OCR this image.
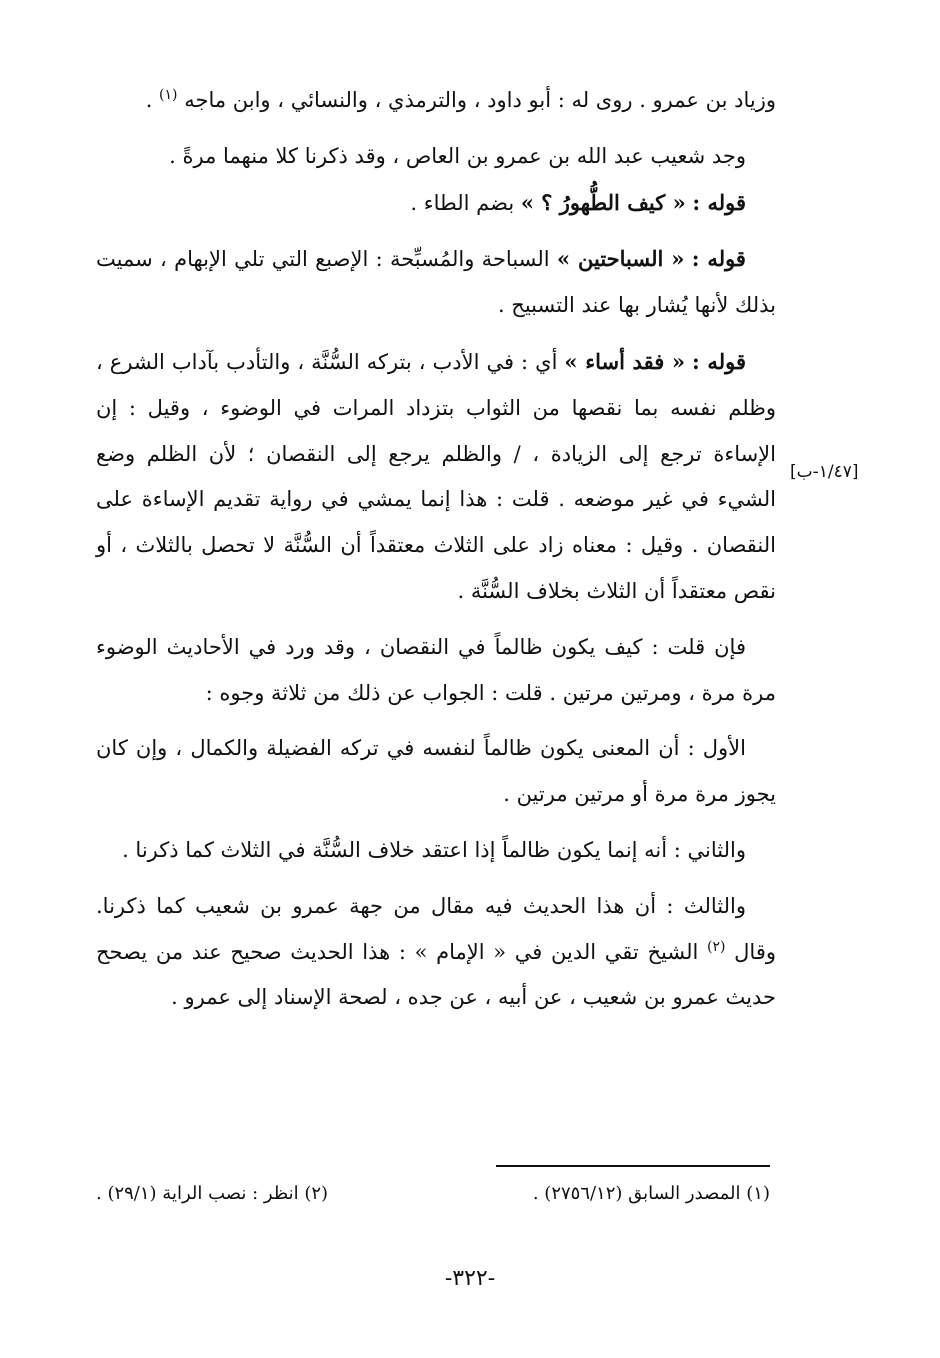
وزياد بن عمرو . روى له : أبو داود ، والترمذي ، والنسائي ، وابن ماجه $^{(١)}$ .

وجد شعيب عبد الله بن عمرو بن العاص ، وقد ذكرنا كلا منهما مرةً .

قوله : « كيف الطُّهورُ ؟ » بضم الطاء .

قوله : « السباحتين » السباحة والمُسبِّحة : الإصبع التي تلي الإبهام ، سميت بذلك لأنها يُشار بها عند التسبيح .

قوله : « فقد أساء » أي : في الأدب ، بتركه السُّنَّة ، والتأدب بآداب الشرع ، وظلم نفسه بما نقصها من الثواب بتزداد المرات في الوضوء ، وقيل : إن الإساءة ترجع إلى الزيادة ، / والظلم يرجع إلى النقصان ؛ لأن الظلم وضع الشيء في غير موضعه . قلت : هذا إنما يمشي في رواية تقديم الإساءة على النقصان . وقيل : معناه زاد على الثلاث معتقداً أن السُّنَّة لا تحصل بالثلاث ، أو نقص معتقداً أن الثلاث بخلاف السُّنَّة .

فإن قلت : كيف يكون ظالماً في النقصان ، وقد ورد في الأحاديث الوضوء مرة مرة ، ومرتين مرتين . قلت : الجواب عن ذلك من ثلاثة وجوه :

الأول : أن المعنى يكون ظالماً لنفسه في تركه الفضيلة والكمال ، وإن كان يجوز مرة مرة أو مرتين مرتين .

والثاني : أنه إنما يكون ظالماً إذا اعتقد خلاف السُّنَّة في الثلاث كما ذكرنا .

والثالث : أن هذا الحديث فيه مقال من جهة عمرو بن شعيب كما ذكرنا. وقال $^{(٢)}$ الشيخ تقي الدين في « الإمام » : هذا الحديث صحيح عند من يصحح حديث عمرو بن شعيب ، عن أبيه ، عن جده ، لصحة الإسناد إلى عمرو .

[١/٤٧-ب]
(١) المصدر السابق (٢٧٥٦/١٢) .
(٢) انظر : نصب الراية (٢٩/١) .
-٣٢٢-
